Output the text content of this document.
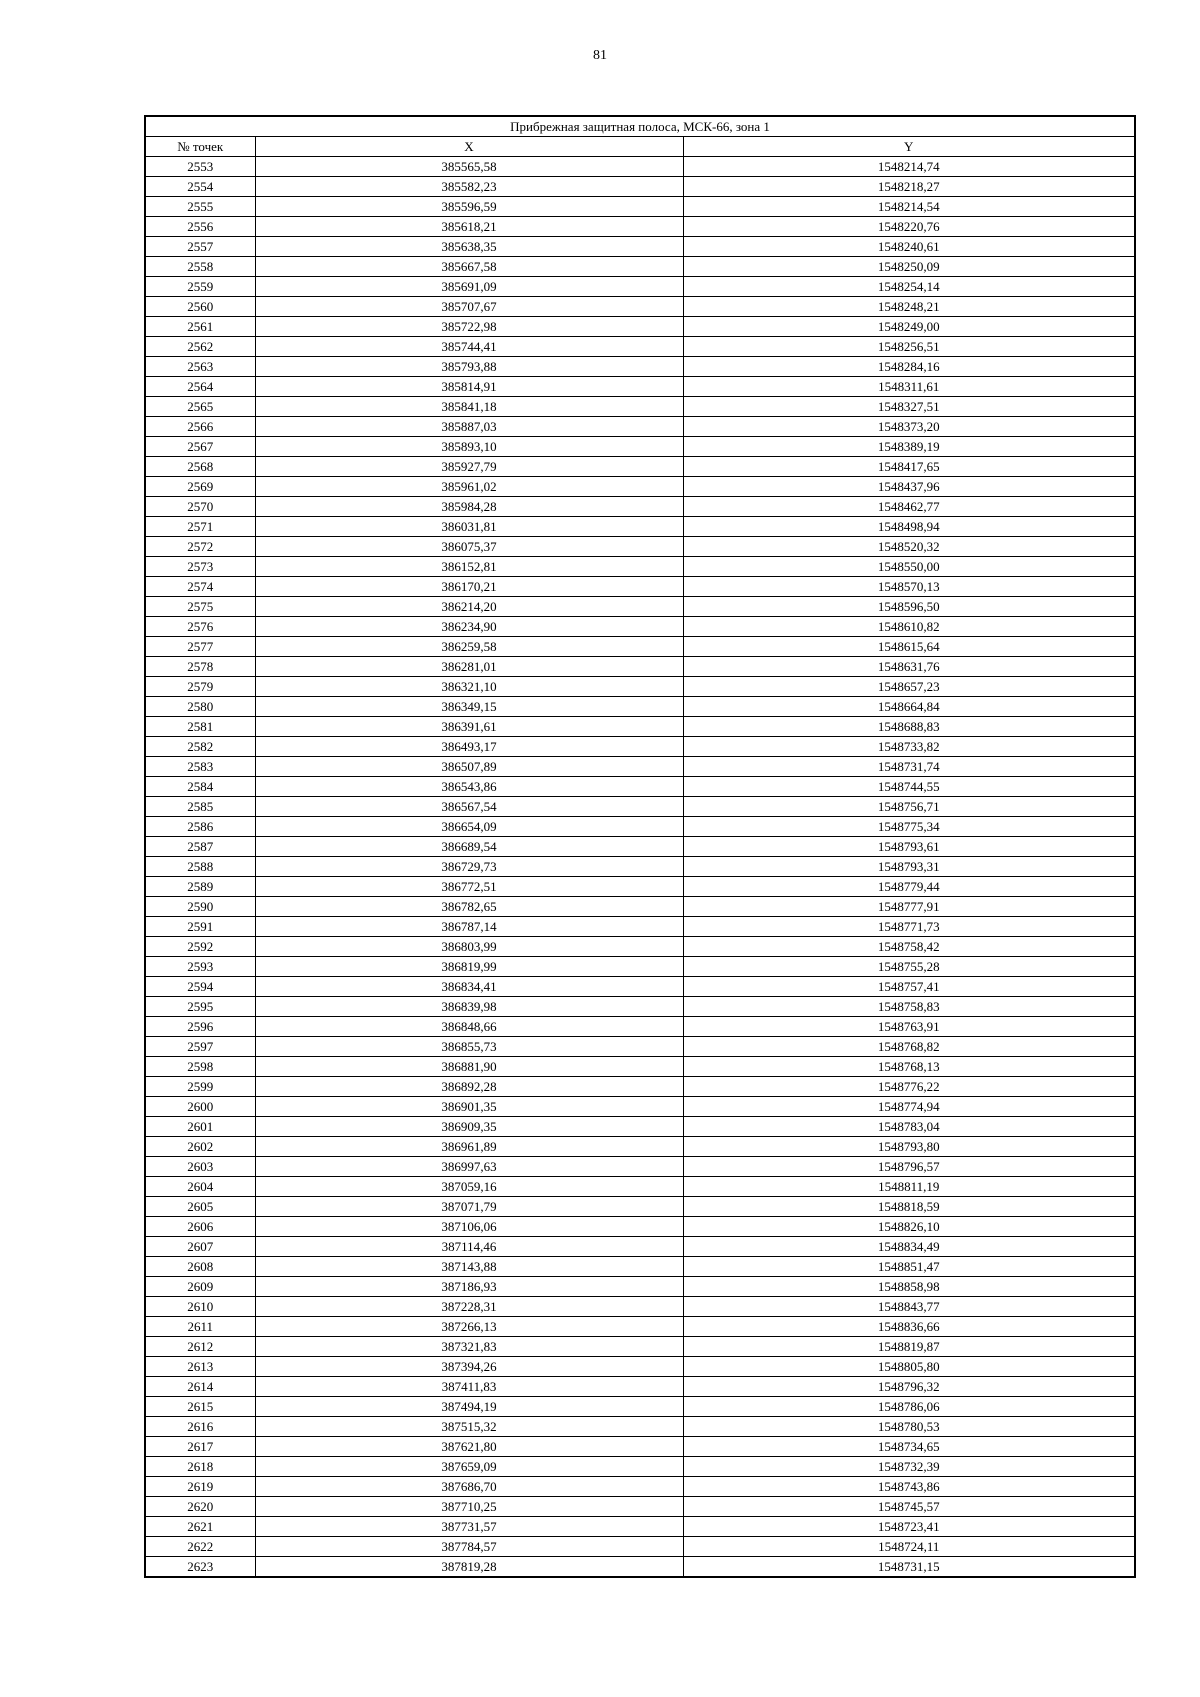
81
Прибрежная защитная полоса, МСК-66, зона 1		
№ точек	X	Y
2553	385565,58	1548214,74
2554	385582,23	1548218,27
2555	385596,59	1548214,54
2556	385618,21	1548220,76
2557	385638,35	1548240,61
2558	385667,58	1548250,09
2559	385691,09	1548254,14
2560	385707,67	1548248,21
2561	385722,98	1548249,00
2562	385744,41	1548256,51
2563	385793,88	1548284,16
2564	385814,91	1548311,61
2565	385841,18	1548327,51
2566	385887,03	1548373,20
2567	385893,10	1548389,19
2568	385927,79	1548417,65
2569	385961,02	1548437,96
2570	385984,28	1548462,77
2571	386031,81	1548498,94
2572	386075,37	1548520,32
2573	386152,81	1548550,00
2574	386170,21	1548570,13
2575	386214,20	1548596,50
2576	386234,90	1548610,82
2577	386259,58	1548615,64
2578	386281,01	1548631,76
2579	386321,10	1548657,23
2580	386349,15	1548664,84
2581	386391,61	1548688,83
2582	386493,17	1548733,82
2583	386507,89	1548731,74
2584	386543,86	1548744,55
2585	386567,54	1548756,71
2586	386654,09	1548775,34
2587	386689,54	1548793,61
2588	386729,73	1548793,31
2589	386772,51	1548779,44
2590	386782,65	1548777,91
2591	386787,14	1548771,73
2592	386803,99	1548758,42
2593	386819,99	1548755,28
2594	386834,41	1548757,41
2595	386839,98	1548758,83
2596	386848,66	1548763,91
2597	386855,73	1548768,82
2598	386881,90	1548768,13
2599	386892,28	1548776,22
2600	386901,35	1548774,94
2601	386909,35	1548783,04
2602	386961,89	1548793,80
2603	386997,63	1548796,57
2604	387059,16	1548811,19
2605	387071,79	1548818,59
2606	387106,06	1548826,10
2607	387114,46	1548834,49
2608	387143,88	1548851,47
2609	387186,93	1548858,98
2610	387228,31	1548843,77
2611	387266,13	1548836,66
2612	387321,83	1548819,87
2613	387394,26	1548805,80
2614	387411,83	1548796,32
2615	387494,19	1548786,06
2616	387515,32	1548780,53
2617	387621,80	1548734,65
2618	387659,09	1548732,39
2619	387686,70	1548743,86
2620	387710,25	1548745,57
2621	387731,57	1548723,41
2622	387784,57	1548724,11
2623	387819,28	1548731,15
